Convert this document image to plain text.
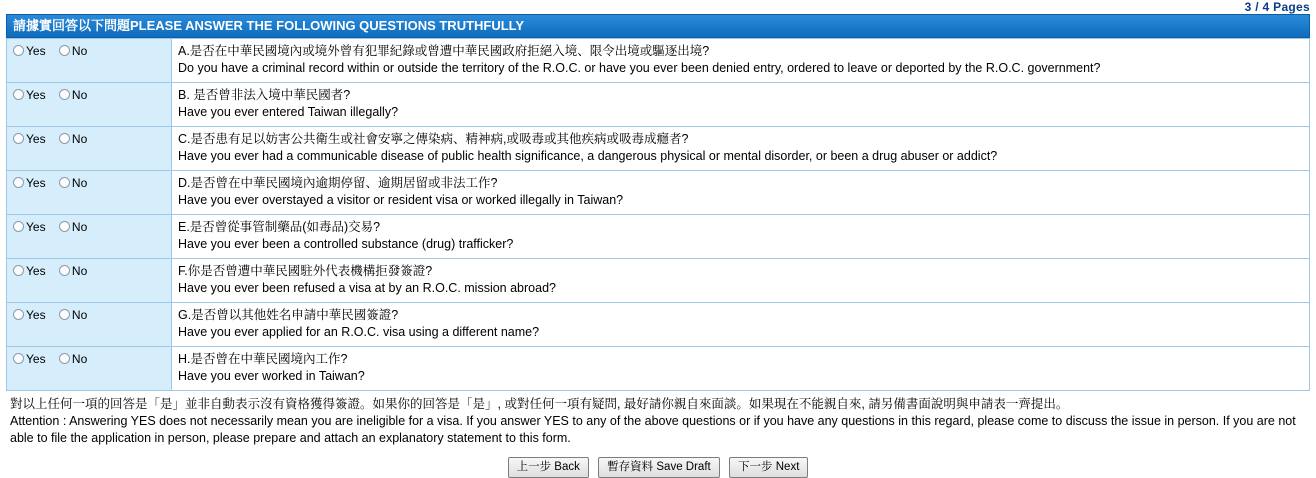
3 / 4 Pages
請據實回答以下問題PLEASE ANSWER THE FOLLOWING QUESTIONS TRUTHFULLY
Yes No	A.是否在中華民國境內或境外曾有犯罪紀錄或曾遭中華民國政府拒絕入境、限令出境或驅逐出境?
Do you have a criminal record within or outside the territory of the R.O.C. or have you ever been denied entry, ordered to leave or deported by the R.O.C. government?

Yes No	B. 是否曾非法入境中華民國者?
Have you ever entered Taiwan illegally?

Yes No	C.是否患有足以妨害公共衛生或社會安寧之傳染病、精神病,或吸毒或其他疾病或吸毒成癮者?
Have you ever had a communicable disease of public health significance, a dangerous physical or mental disorder, or been a drug abuser or addict?

Yes No	D.是否曾在中華民國境內逾期停留、逾期居留或非法工作?
Have you ever overstayed a visitor or resident visa or worked illegally in Taiwan?

Yes No	E.是否曾從事管制藥品(如毒品)交易?
Have you ever been a controlled substance (drug) trafficker?

Yes No	F.你是否曾遭中華民國駐外代表機構拒發簽證?
Have you ever been refused a visa at by an R.O.C. mission abroad?

Yes No	G.是否曾以其他姓名申請中華民國簽證?
Have you ever applied for an R.O.C. visa using a different name?

Yes No	H.是否曾在中華民國境內工作?
Have you ever worked in Taiwan?
對以上任何一項的回答是「是」並非自動表示沒有資格獲得簽證。如果你的回答是「是」, 或對任何一項有疑問, 最好請你親自來面談。如果現在不能親自來, 請另備書面說明與申請表一齊提出。
Attention : Answering YES does not necessarily mean you are ineligible for a visa. If you answer YES to any of the above questions or if you have any questions in this regard, please come to discuss the issue in person. If you are not able to file the application in person, please prepare and attach an explanatory statement to this form.
上一步 Back 暫存資料 Save Draft 下一步 Next
